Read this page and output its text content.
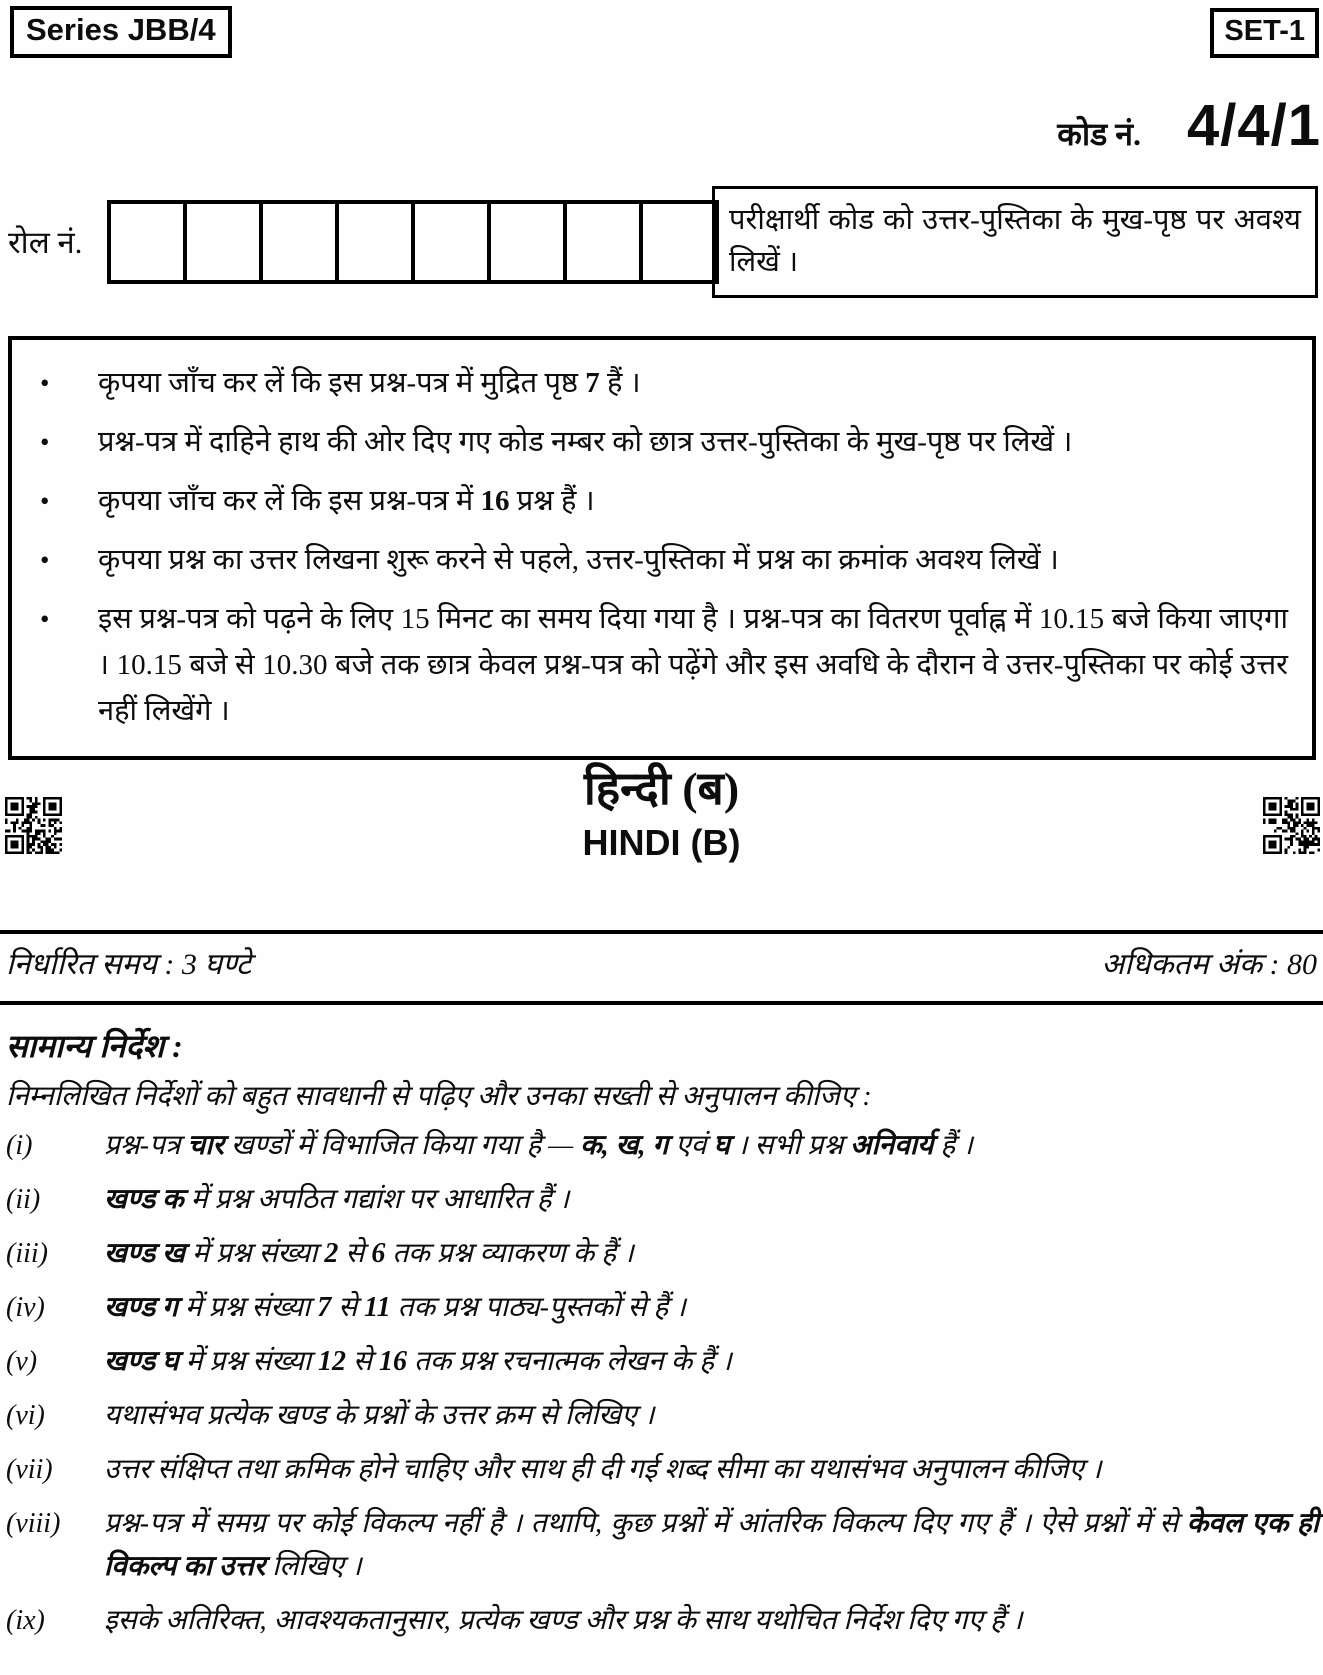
Series JBB/4	SET-1
कोड नं. 4/4/1
रोल नं.
परीक्षार्थी कोड को उत्तर-पुस्तिका के मुख-पृष्ठ पर अवश्य लिखें ।
•	कृपया जाँच कर लें कि इस प्रश्न-पत्र में मुद्रित पृष्ठ 7 हैं ।
•	प्रश्न-पत्र में दाहिने हाथ की ओर दिए गए कोड नम्बर को छात्र उत्तर-पुस्तिका के मुख-पृष्ठ पर लिखें ।
•	कृपया जाँच कर लें कि इस प्रश्न-पत्र में 16 प्रश्न हैं ।
•	कृपया प्रश्न का उत्तर लिखना शुरू करने से पहले, उत्तर-पुस्तिका में प्रश्न का क्रमांक अवश्य लिखें ।
•	इस प्रश्न-पत्र को पढ़ने के लिए 15 मिनट का समय दिया गया है । प्रश्न-पत्र का वितरण पूर्वाह्न में 10.15 बजे किया जाएगा । 10.15 बजे से 10.30 बजे तक छात्र केवल प्रश्न-पत्र को पढ़ेंगे और इस अवधि के दौरान वे उत्तर-पुस्तिका पर कोई उत्तर नहीं लिखेंगे ।
हिन्दी (ब)
HINDI (B)
निर्धारित समय : 3 घण्टे	अधिकतम अंक : 80
सामान्य निर्देश :
निम्नलिखित निर्देशों को बहुत सावधानी से पढ़िए और उनका सख्ती से अनुपालन कीजिए :
(i)	प्रश्न-पत्र चार खण्डों में विभाजित किया गया है — क, ख, ग एवं घ । सभी प्रश्न अनिवार्य हैं ।
(ii)	खण्ड क में प्रश्न अपठित गद्यांश पर आधारित हैं ।
(iii)	खण्ड ख में प्रश्न संख्या 2 से 6 तक प्रश्न व्याकरण के हैं ।
(iv)	खण्ड ग में प्रश्न संख्या 7 से 11 तक प्रश्न पाठ्य-पुस्तकों से हैं ।
(v)	खण्ड घ में प्रश्न संख्या 12 से 16 तक प्रश्न रचनात्मक लेखन के हैं ।
(vi)	यथासंभव प्रत्येक खण्ड के प्रश्नों के उत्तर क्रम से लिखिए ।
(vii)	उत्तर संक्षिप्त तथा क्रमिक होने चाहिए और साथ ही दी गई शब्द सीमा का यथासंभव अनुपालन कीजिए ।
(viii)	प्रश्न-पत्र में समग्र पर कोई विकल्प नहीं है । तथापि, कुछ प्रश्नों में आंतरिक विकल्प दिए गए हैं । ऐसे प्रश्नों में से केवल एक ही विकल्प का उत्तर लिखिए ।
(ix)	इसके अतिरिक्त, आवश्यकतानुसार, प्रत्येक खण्ड और प्रश्न के साथ यथोचित निर्देश दिए गए हैं ।
